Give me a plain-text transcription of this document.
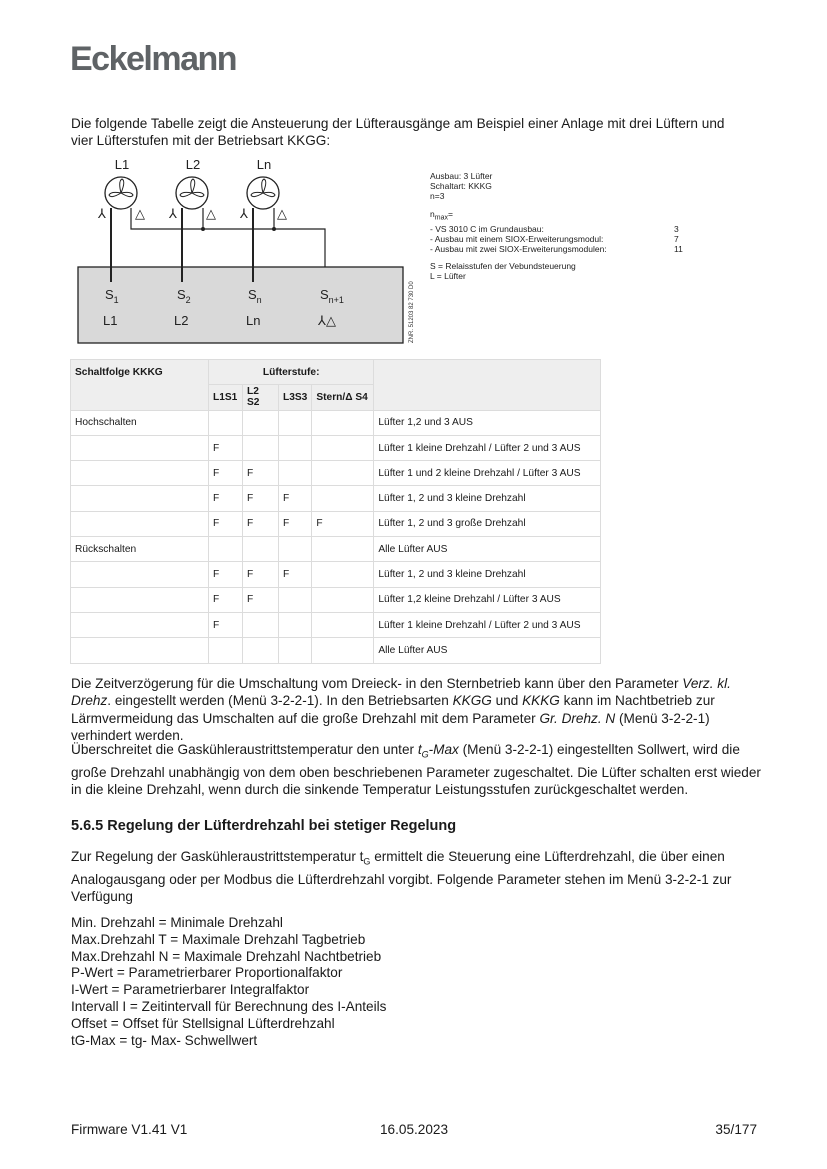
Eckelmann
Die folgende Tabelle zeigt die Ansteuerung der Lüfterausgänge am Beispiel einer Anlage mit drei Lüftern und
vier Lüfterstufen mit der Betriebsart KKGG:
L1
⅄ △
L2
⅄ △
Ln
⅄ △
$S_1$
L1
$S_2$
L2
$S_n$
Ln
$S_{n+1}$
⅄△	ZNR. 51203 82 730 D0
Ausbau: 3 Lüfter
Schaltart: KKKG
n=3
$n_{max}=$
- VS 3010 C im Grundausbau:	3
- Ausbau mit einem SIOX-Erweiterungsmodul:	7
- Ausbau mit zwei SIOX-Erweiterungsmodulen:	11
S = Relaisstufen der Vebundsteuerung
L = Lüfter
Schaltfolge KKKG	Lüfterstufe:				
	L1S1	L2 S2	L3S3	Stern/Δ S4	
Hochschalten					Lüfter 1,2 und 3 AUS
	F				Lüfter 1 kleine Drehzahl / Lüfter 2 und 3 AUS
	F	F			Lüfter 1 und 2 kleine Drehzahl / Lüfter 3 AUS
	F	F	F		Lüfter 1, 2 und 3 kleine Drehzahl
	F	F	F	F	Lüfter 1, 2 und 3 große Drehzahl
Rückschalten					Alle Lüfter AUS
	F	F	F		Lüfter 1, 2 und 3 kleine Drehzahl
	F	F			Lüfter 1,2 kleine Drehzahl / Lüfter 3 AUS
	F				Lüfter 1 kleine Drehzahl / Lüfter 2 und 3 AUS
					Alle Lüfter AUS
Die Zeitverzögerung für die Umschaltung vom Dreieck- in den Sternbetrieb kann über den Parameter Verz. kl. Drehz. eingestellt werden (Menü 3-2-2-1). In den Betriebsarten KKGG und KKKG kann im Nachtbetrieb zur Lärmvermeidung das Umschalten auf die große Drehzahl mit dem Parameter Gr. Drehz. N (Menü 3-2-2-1) verhindert werden.
Überschreitet die Gaskühleraustrittstemperatur den unter $t_G$-Max (Menü 3-2-2-1) eingestellten Sollwert, wird die große Drehzahl unabhängig von dem oben beschriebenen Parameter zugeschaltet. Die Lüfter schalten erst wieder in die kleine Drehzahl, wenn durch die sinkende Temperatur Leistungsstufen zurückgeschaltet werden.
5.6.5 Regelung der Lüfterdrehzahl bei stetiger Regelung
Zur Regelung der Gaskühleraustrittstemperatur $t_G$ ermittelt die Steuerung eine Lüfterdrehzahl, die über einen Analogausgang oder per Modbus die Lüfterdrehzahl vorgibt. Folgende Parameter stehen im Menü 3-2-2-1 zur Verfügung
Min. Drehzahl = Minimale Drehzahl
Max.Drehzahl T = Maximale Drehzahl Tagbetrieb
Max.Drehzahl N = Maximale Drehzahl Nachtbetrieb
P-Wert = Parametrierbarer Proportionalfaktor
I-Wert = Parametrierbarer Integralfaktor
Intervall I = Zeitintervall für Berechnung des I-Anteils
Offset = Offset für Stellsignal Lüfterdrehzahl
tG-Max = tg- Max- Schwellwert
Firmware V1.41 V1	16.05.2023	35/177
